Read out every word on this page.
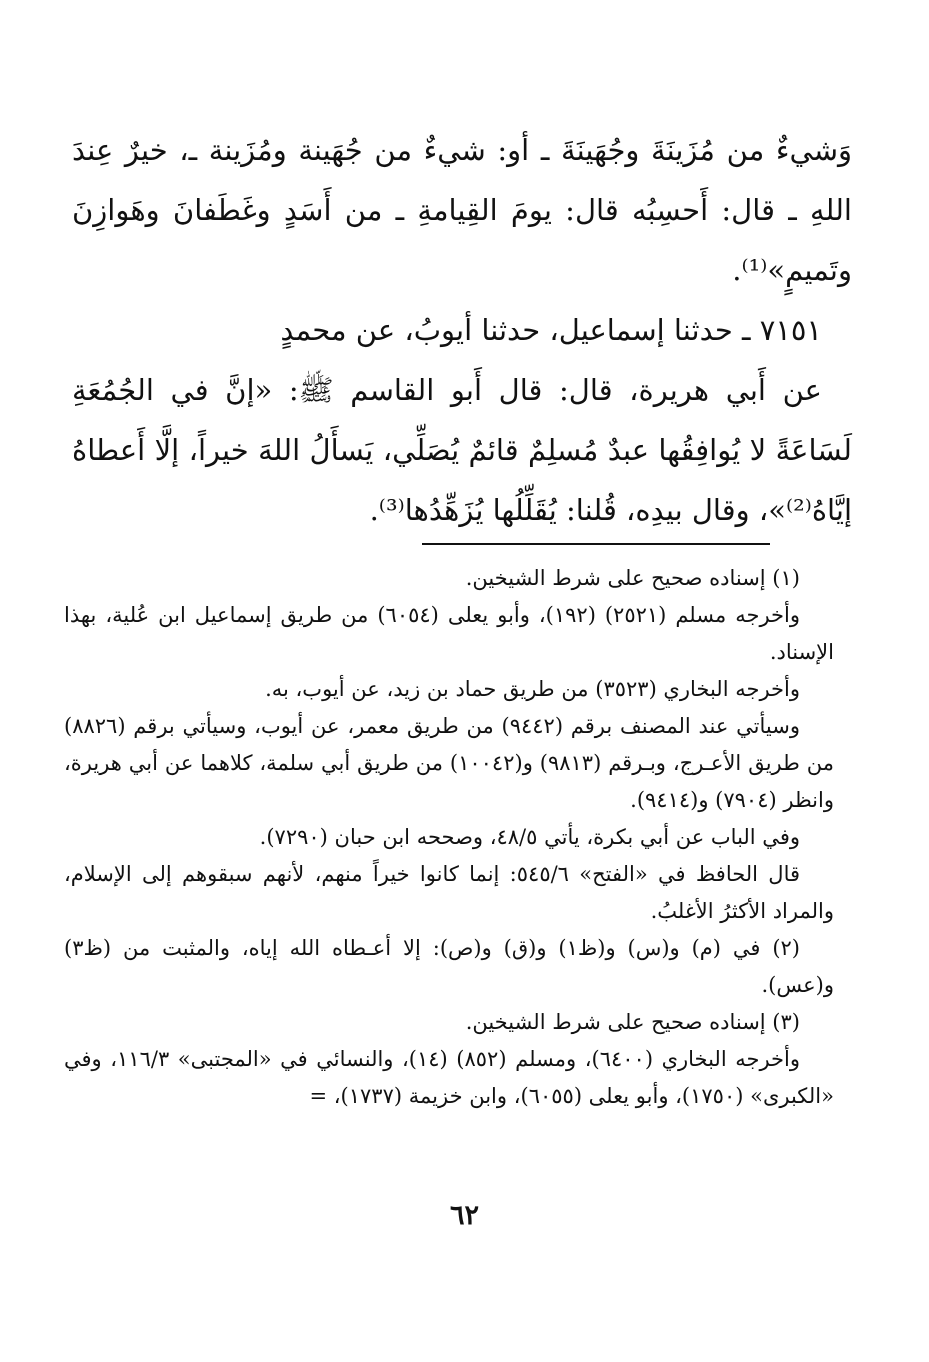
وَشيءٌ من مُزَينَةَ وجُهَينَةَ ـ أو: شيءٌ من جُهَينة ومُزَينة ـ، خيرٌ عِندَ اللهِ ـ قال: أَحسِبُه قال: يومَ القِيامةِ ـ من أَسَدٍ وغَطَفانَ وهَوازِنَ وتَميمٍ»⁽¹⁾.

٧١٥١ ـ حدثنا إسماعيل، حدثنا أيوبُ، عن محمدٍ

عن أَبي هريرة، قال: قال أَبو القاسم ﷺ: «إنَّ في الجُمُعَةِ لَسَاعَةً لا يُوافِقُها عبدٌ مُسلِمٌ قائمٌ يُصَلِّي، يَسأَلُ اللهَ خيراً، إلَّا أَعطاهُ إيَّاهُ⁽²⁾»، وقال بيدِه، قُلنا: يُقَلِّلُها يُزَهِّدُها⁽³⁾.

(١) إسناده صحيح على شرط الشيخين.

وأخرجه مسلم (٢٥٢١) (١٩٢)، وأبو يعلى (٦٠٥٤) من طريق إسماعيل ابن عُلية، بهذا الإسناد.

وأخرجه البخاري (٣٥٢٣) من طريق حماد بن زيد، عن أيوب، به.

وسيأتي عند المصنف برقم (٩٤٤٢) من طريق معمر، عن أيوب، وسيأتي برقم (٨٨٢٦) من طريق الأعـرج، وبـرقم (٩٨١٣) و(١٠٠٤٢) من طريق أبي سلمة، كلاهما عن أبي هريرة، وانظر (٧٩٠٤) و(٩٤١٤).

وفي الباب عن أبي بكرة، يأتي ٤٨/٥، وصححه ابن حبان (٧٢٩٠).

قال الحافظ في «الفتح» ٥٤٥/٦: إنما كانوا خيراً منهم، لأنهم سبقوهم إلى الإسلام، والمراد الأكثرُ الأغلبُ.

(٢) في (م) و(س) و(ظ١) و(ق) و(ص): إلا أعـطاه الله إياه، والمثبت من (ظ٣) و(عس).

(٣) إسناده صحيح على شرط الشيخين.

وأخرجه البخاري (٦٤٠٠)، ومسلم (٨٥٢) (١٤)، والنسائي في «المجتبى» ١١٦/٣، وفي «الكبرى» (١٧٥٠)، وأبو يعلى (٦٠٥٥)، وابن خزيمة (١٧٣٧)، =

٦٢
